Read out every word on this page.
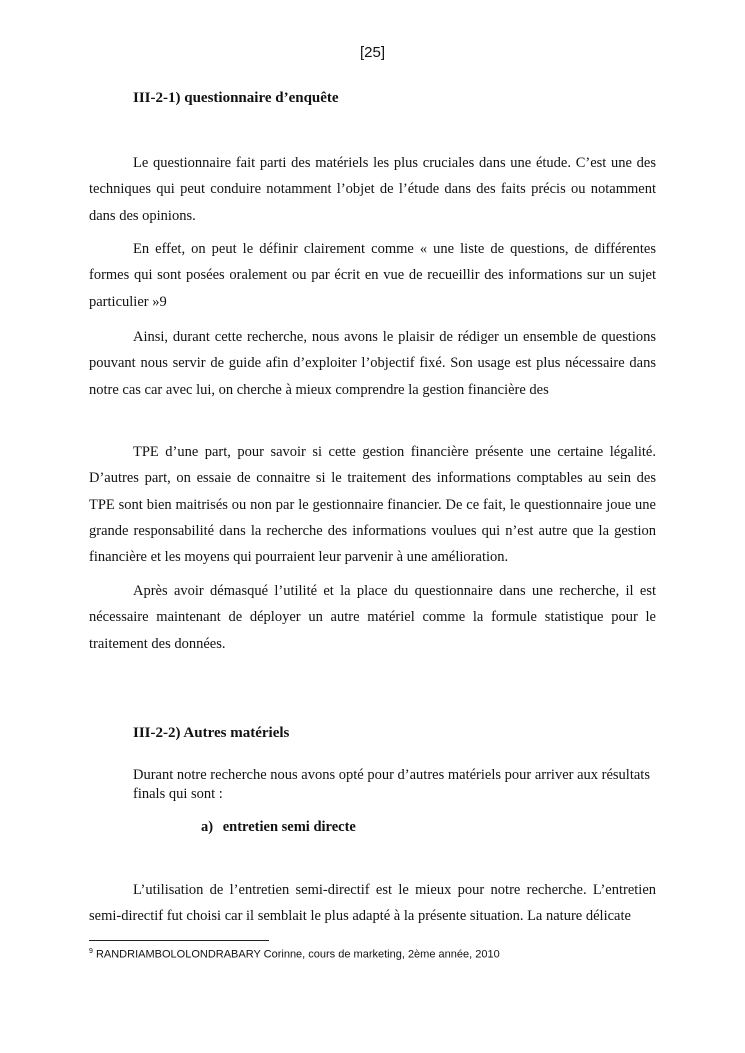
[25]
III-2-1) questionnaire d’enquête

Le questionnaire fait parti des matériels les plus cruciales dans une étude. C’est une des techniques qui peut conduire notamment l’objet de l’étude dans des faits précis ou notamment dans des opinions.

En effet, on peut le définir clairement comme « une liste de questions, de différentes formes qui sont posées oralement ou par écrit en vue de recueillir des informations sur un sujet particulier »9

Ainsi, durant cette recherche, nous avons le plaisir de rédiger un ensemble de questions pouvant nous servir de guide afin d’exploiter l’objectif fixé. Son usage est plus nécessaire dans notre cas car avec lui, on cherche à mieux comprendre la gestion financière des

TPE d’une part, pour savoir si cette gestion financière présente une certaine légalité. D’autres part, on essaie de connaitre si le traitement des informations comptables au sein des TPE sont bien maitrisés ou non par le gestionnaire financier. De ce fait, le questionnaire joue une grande responsabilité dans la recherche des informations voulues qui n’est autre que la gestion financière et les moyens qui pourraient leur parvenir à une amélioration.

Après avoir démasqué l’utilité et la place du questionnaire dans une recherche, il est nécessaire maintenant de déployer un autre matériel comme la formule statistique pour le traitement des données.

III-2-2) Autres matériels
Durant notre recherche nous avons opté pour d’autres matériels pour arriver aux résultats finals qui sont :
a) entretien semi directe

L’utilisation de l’entretien semi-directif est le mieux pour notre recherche. L’entretien semi-directif fut choisi car il semblait le plus adapté à la présente situation. La nature délicate

$^9$ RANDRIAMBOLOLONDRABARY Corinne, cours de marketing, 2ème année, 2010
